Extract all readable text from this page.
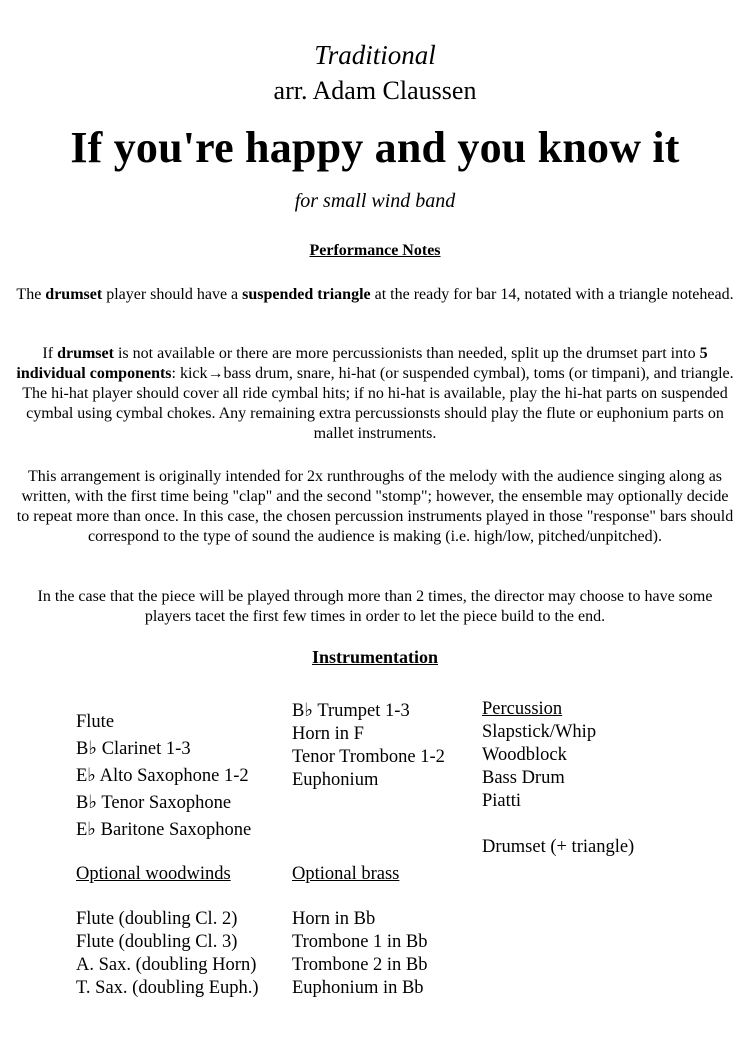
Traditional
arr. Adam Claussen
If you're happy and you know it
for small wind band
Performance Notes
The drumset player should have a suspended triangle at the ready for bar 14, notated with a triangle notehead.
If drumset is not available or there are more percussionists than needed, split up the drumset part into 5 individual components: kick→bass drum, snare, hi-hat (or suspended cymbal), toms (or timpani), and triangle. The hi-hat player should cover all ride cymbal hits; if no hi-hat is available, play the hi-hat parts on suspended cymbal using cymbal chokes. Any remaining extra percussionsts should play the flute or euphonium parts on mallet instruments.
This arrangement is originally intended for 2x runthroughs of the melody with the audience singing along as written, with the first time being "clap" and the second "stomp"; however, the ensemble may optionally decide to repeat more than once. In this case, the chosen percussion instruments played in those "response" bars should correspond to the type of sound the audience is making (i.e. high/low, pitched/unpitched).
In the case that the piece will be played through more than 2 times, the director may choose to have some players tacet the first few times in order to let the piece build to the end.
Instrumentation
Flute
B♭ Clarinet 1-3
E♭ Alto Saxophone 1-2
B♭ Tenor Saxophone
E♭ Baritone Saxophone
B♭ Trumpet 1-3
Horn in F
Tenor Trombone 1-2
Euphonium
Percussion
Slapstick/Whip
Woodblock
Bass Drum
Piatti
Drumset (+ triangle)
Optional woodwinds	Optional brass
Flute (doubling Cl. 2)
Flute (doubling Cl. 3)
A. Sax. (doubling Horn)
T. Sax. (doubling Euph.)
Horn in Bb
Trombone 1 in Bb
Trombone 2 in Bb
Euphonium in Bb
